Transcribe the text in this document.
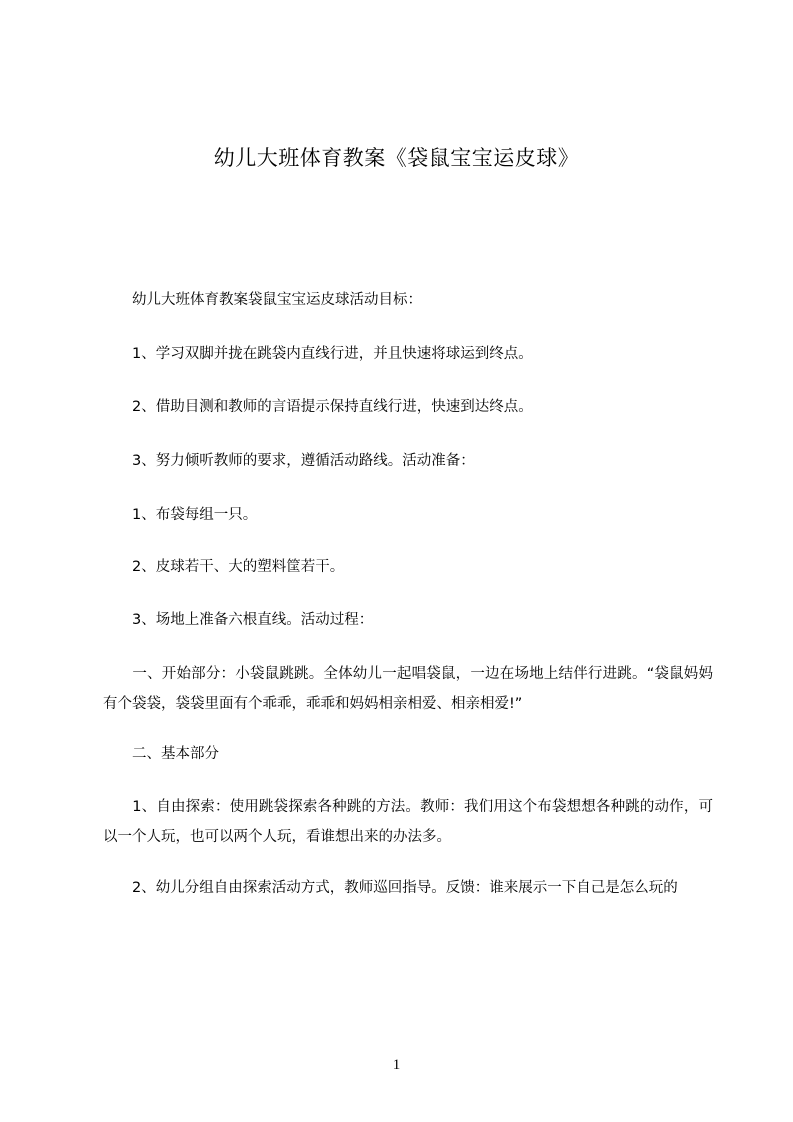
幼儿大班体育教案《袋鼠宝宝运皮球》
　　幼儿大班体育教案袋鼠宝宝运皮球活动目标：
　　1、学习双脚并拢在跳袋内直线行进，并且快速将球运到终点。
　　2、借助目测和教师的言语提示保持直线行进，快速到达终点。
　　3、努力倾听教师的要求，遵循活动路线。活动准备：
　　1、布袋每组一只。
　　2、皮球若干、大的塑料筐若干。
　　3、场地上准备六根直线。活动过程：
　　一、开始部分：小袋鼠跳跳。全体幼儿一起唱袋鼠，一边在场地上结伴行进跳。“袋鼠妈妈有个袋袋，袋袋里面有个乖乖，乖乖和妈妈相亲相爱、相亲相爱!”
　　二、基本部分
　　1、自由探索：使用跳袋探索各种跳的方法。教师：我们用这个布袋想想各种跳的动作，可以一个人玩，也可以两个人玩，看谁想出来的办法多。
　　2、幼儿分组自由探索活动方式，教师巡回指导。反馈：谁来展示一下自己是怎么玩的
1
